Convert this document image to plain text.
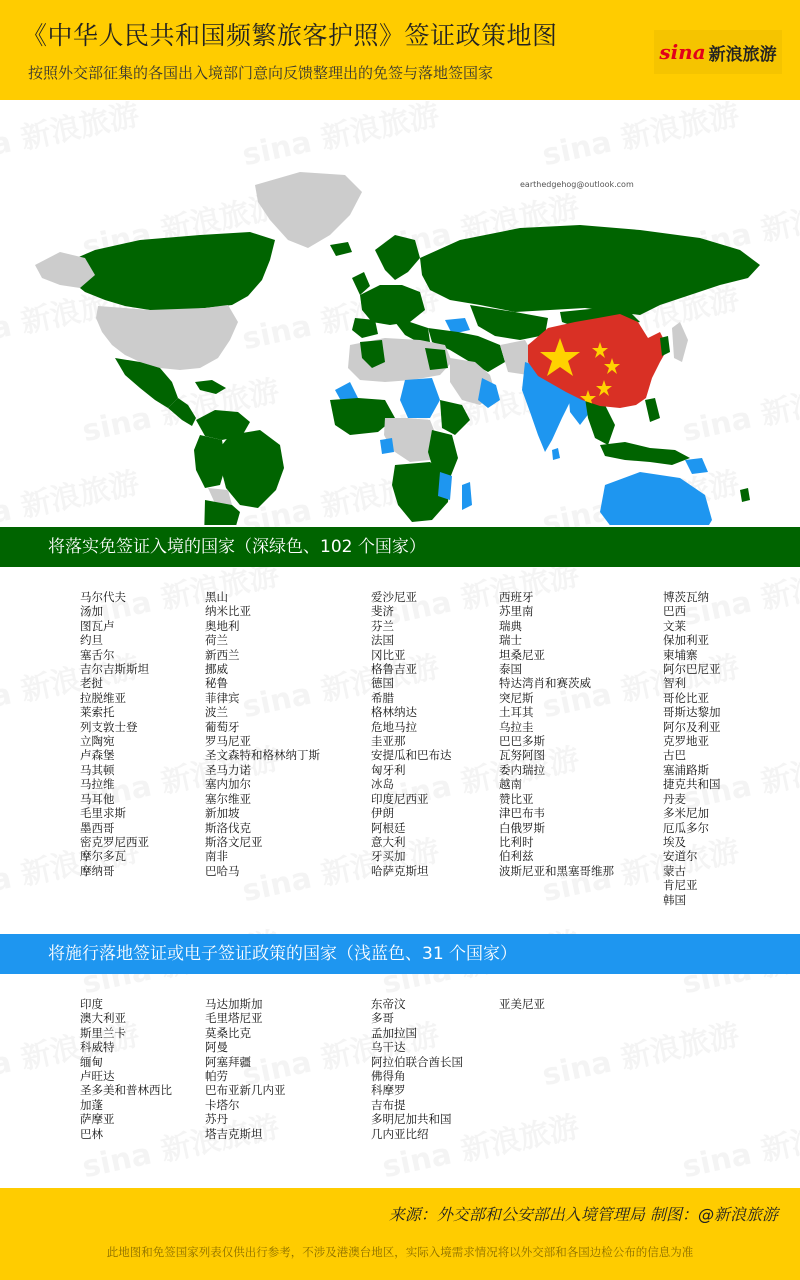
《中华人民共和国频繁旅客护照》签证政策地图
按照外交部征集的各国出入境部门意向反馈整理出的免签与落地签国家
sina 新浪旅游
earthedgehog@outlook.com
将落实免签证入境的国家（深绿色、102 个国家）
马尔代夫
汤加
图瓦卢
约旦
塞舌尔
吉尔吉斯斯坦
老挝
拉脱维亚
莱索托
列支敦士登
立陶宛
卢森堡
马其顿
马拉维
马耳他
毛里求斯
墨西哥
密克罗尼西亚
摩尔多瓦
摩纳哥
黑山
纳米比亚
奥地利
荷兰
新西兰
挪威
秘鲁
菲律宾
波兰
葡萄牙
罗马尼亚
圣文森特和格林纳丁斯
圣马力诺
塞内加尔
塞尔维亚
新加坡
斯洛伐克
斯洛文尼亚
南非
巴哈马
爱沙尼亚
斐济
芬兰
法国
冈比亚
格鲁吉亚
德国
希腊
格林纳达
危地马拉
圭亚那
安提瓜和巴布达
匈牙利
冰岛
印度尼西亚
伊朗
阿根廷
意大利
牙买加
哈萨克斯坦
西班牙
苏里南
瑞典
瑞士
坦桑尼亚
泰国
特达湾肖和赛茨威
突尼斯
土耳其
乌拉圭
巴巴多斯
瓦努阿图
委内瑞拉
越南
赞比亚
津巴布韦
白俄罗斯
比利时
伯利兹
波斯尼亚和黑塞哥维那
博茨瓦纳
巴西
文莱
保加利亚
柬埔寨
阿尔巴尼亚
智利
哥伦比亚
哥斯达黎加
阿尔及利亚
克罗地亚
古巴
塞浦路斯
捷克共和国
丹麦
多米尼加
厄瓜多尔
埃及
安道尔
蒙古
肯尼亚
韩国
将施行落地签证或电子签证政策的国家（浅蓝色、31 个国家）
印度
澳大利亚
斯里兰卡
科威特
缅甸
卢旺达
圣多美和普林西比
加蓬
萨摩亚
巴林
马达加斯加
毛里塔尼亚
莫桑比克
阿曼
阿塞拜疆
帕劳
巴布亚新几内亚
卡塔尔
苏丹
塔吉克斯坦
东帝汶
多哥
孟加拉国
乌干达
阿拉伯联合酋长国
佛得角
科摩罗
吉布提
多明尼加共和国
几内亚比绍
亚美尼亚
来源：外交部和公安部出入境管理局 制图：@新浪旅游
此地图和免签国家列表仅供出行参考，不涉及港澳台地区，实际入境需求情况将以外交部和各国边检公布的信息为准
